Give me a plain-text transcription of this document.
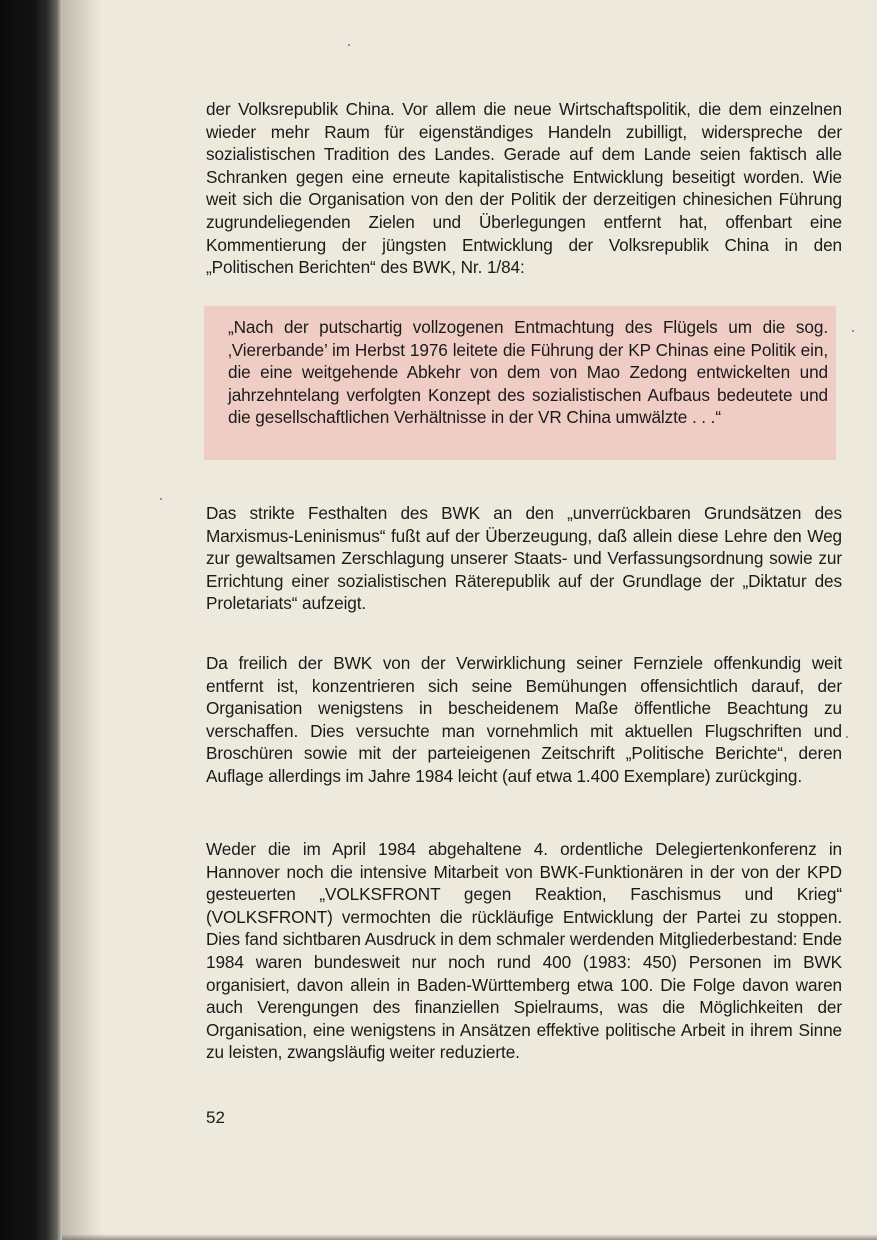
der Volksrepublik China. Vor allem die neue Wirtschaftspolitik, die dem einzelnen wieder mehr Raum für eigenständiges Handeln zubilligt, widerspreche der sozialistischen Tradition des Landes. Gerade auf dem Lande seien faktisch alle Schranken gegen eine erneute kapitalistische Entwicklung beseitigt worden. Wie weit sich die Organisation von den der Politik der derzeitigen chinesichen Führung zugrundeliegenden Zielen und Überlegungen entfernt hat, offenbart eine Kommentierung der jüngsten Entwicklung der Volksrepublik China in den „Politischen Berichten“ des BWK, Nr. 1/84:

„Nach der putschartig vollzogenen Entmachtung des Flügels um die sog. ‚Viererbande’ im Herbst 1976 leitete die Führung der KP Chinas eine Politik ein, die eine weitgehende Abkehr von dem von Mao Zedong entwickelten und jahrzehntelang verfolgten Konzept des sozialistischen Aufbaus bedeutete und die gesellschaftlichen Verhältnisse in der VR China umwälzte . . .“

Das strikte Festhalten des BWK an den „unverrückbaren Grundsätzen des Marxismus-Leninismus“ fußt auf der Überzeugung, daß allein diese Lehre den Weg zur gewaltsamen Zerschlagung unserer Staats- und Verfassungsordnung sowie zur Errichtung einer sozialistischen Räterepublik auf der Grundlage der „Diktatur des Proletariats“ aufzeigt.

Da freilich der BWK von der Verwirklichung seiner Fernziele offenkundig weit entfernt ist, konzentrieren sich seine Bemühungen offensichtlich darauf, der Organisation wenigstens in bescheidenem Maße öffentliche Beachtung zu verschaffen. Dies versuchte man vornehmlich mit aktuellen Flugschriften und Broschüren sowie mit der parteieigenen Zeitschrift „Politische Berichte“, deren Auflage allerdings im Jahre 1984 leicht (auf etwa 1.400 Exemplare) zurückging.

Weder die im April 1984 abgehaltene 4. ordentliche Delegiertenkonferenz in Hannover noch die intensive Mitarbeit von BWK-Funktionären in der von der KPD gesteuerten „VOLKSFRONT gegen Reaktion, Faschismus und Krieg“ (VOLKSFRONT) vermochten die rückläufige Entwicklung der Partei zu stoppen. Dies fand sichtbaren Ausdruck in dem schmaler werdenden Mitgliederbestand: Ende 1984 waren bundesweit nur noch rund 400 (1983: 450) Personen im BWK organisiert, davon allein in Baden-Württemberg etwa 100. Die Folge davon waren auch Verengungen des finanziellen Spielraums, was die Möglichkeiten der Organisation, eine wenigstens in Ansätzen effektive politische Arbeit in ihrem Sinne zu leisten, zwangsläufig weiter reduzierte.

52
